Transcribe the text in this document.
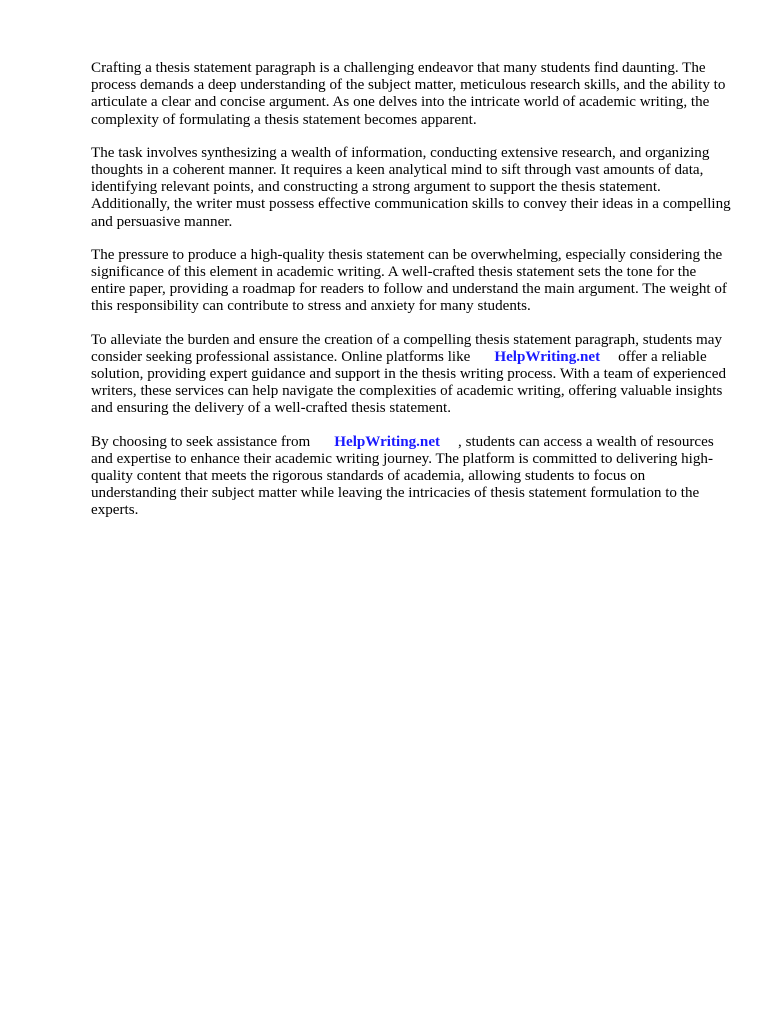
Crafting a thesis statement paragraph is a challenging endeavor that many students find daunting. The process demands a deep understanding of the subject matter, meticulous research skills, and the ability to articulate a clear and concise argument. As one delves into the intricate world of academic writing, the complexity of formulating a thesis statement becomes apparent.

The task involves synthesizing a wealth of information, conducting extensive research, and organizing thoughts in a coherent manner. It requires a keen analytical mind to sift through vast amounts of data, identifying relevant points, and constructing a strong argument to support the thesis statement. Additionally, the writer must possess effective communication skills to convey their ideas in a compelling and persuasive manner.

The pressure to produce a high-quality thesis statement can be overwhelming, especially considering the significance of this element in academic writing. A well-crafted thesis statement sets the tone for the entire paper, providing a roadmap for readers to follow and understand the main argument. The weight of this responsibility can contribute to stress and anxiety for many students.

To alleviate the burden and ensure the creation of a compelling thesis statement paragraph, students may consider seeking professional assistance. Online platforms like HelpWriting.net offer a reliable solution, providing expert guidance and support in the thesis writing process. With a team of experienced writers, these services can help navigate the complexities of academic writing, offering valuable insights and ensuring the delivery of a well-crafted thesis statement.

By choosing to seek assistance from HelpWriting.net , students can access a wealth of resources and expertise to enhance their academic writing journey. The platform is committed to delivering high-quality content that meets the rigorous standards of academia, allowing students to focus on understanding their subject matter while leaving the intricacies of thesis statement formulation to the experts.
